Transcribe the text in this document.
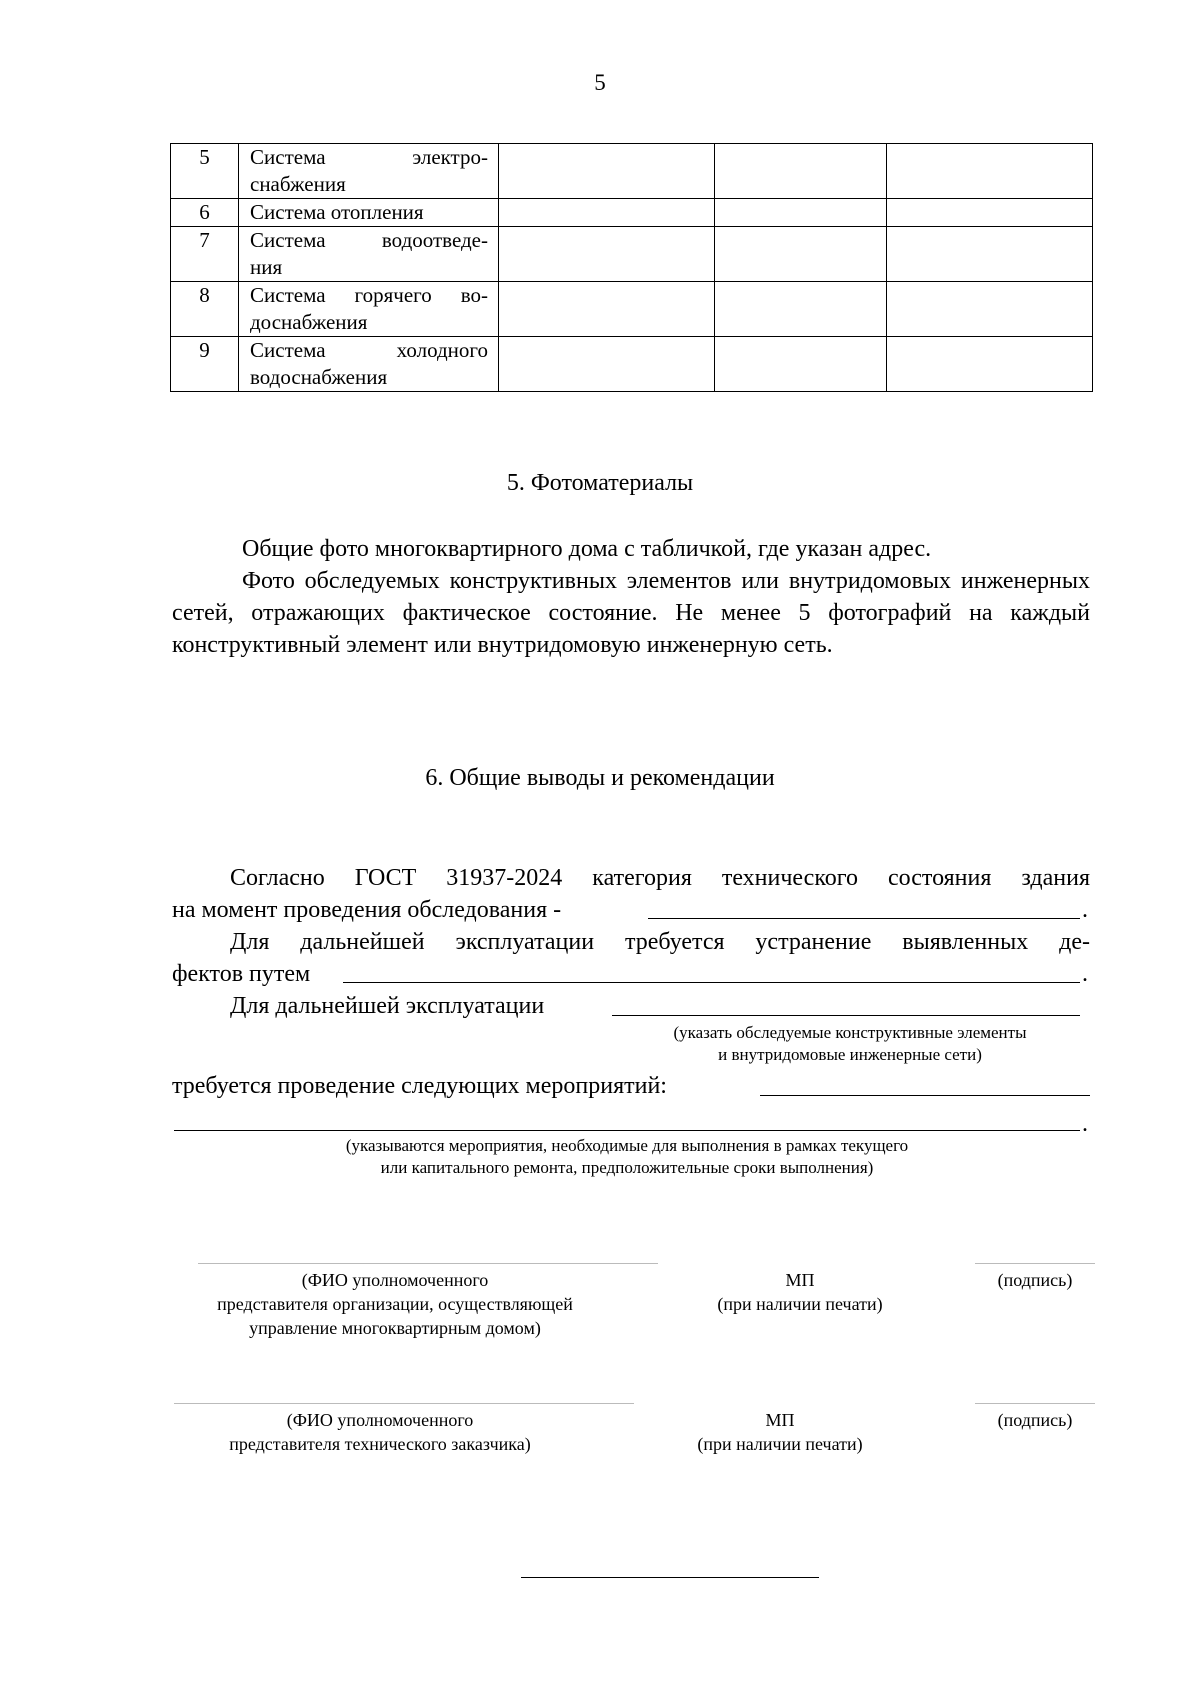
5
5	Система электро-
снабжения			

6	Система отопления			

7	Система водоотведе-
ния			

8	Система горячего во-
доснабжения			

9	Система холодного
водоснабжения			

5. Фотоматериалы
Общие фото многоквартирного дома с табличкой, где указан адрес.
Фото обследуемых конструктивных элементов или внутридомовых инженерных сетей, отражающих фактическое состояние. Не менее 5 фотографий на каждый конструктивный элемент или внутридомовую инженерную сеть.
6. Общие выводы и рекомендации
Согласно ГОСТ 31937-2024 категория технического состояния здания
на момент проведения обследования -	.
Для дальнейшей эксплуатации требуется устранение выявленных де-
фектов путем	.
Для дальнейшей эксплуатации
(указать обследуемые конструктивные элементы
и внутридомовые инженерные сети)
требуется проведение следующих мероприятий:
.
(указываются мероприятия, необходимые для выполнения в рамках текущего
или капитального ремонта, предположительные сроки выполнения)
(ФИО уполномоченного
представителя организации, осуществляющей
управление многоквартирным домом)
МП
(при наличии печати)
(подпись)
(ФИО уполномоченного
представителя технического заказчика)
МП
(при наличии печати)
(подпись)
